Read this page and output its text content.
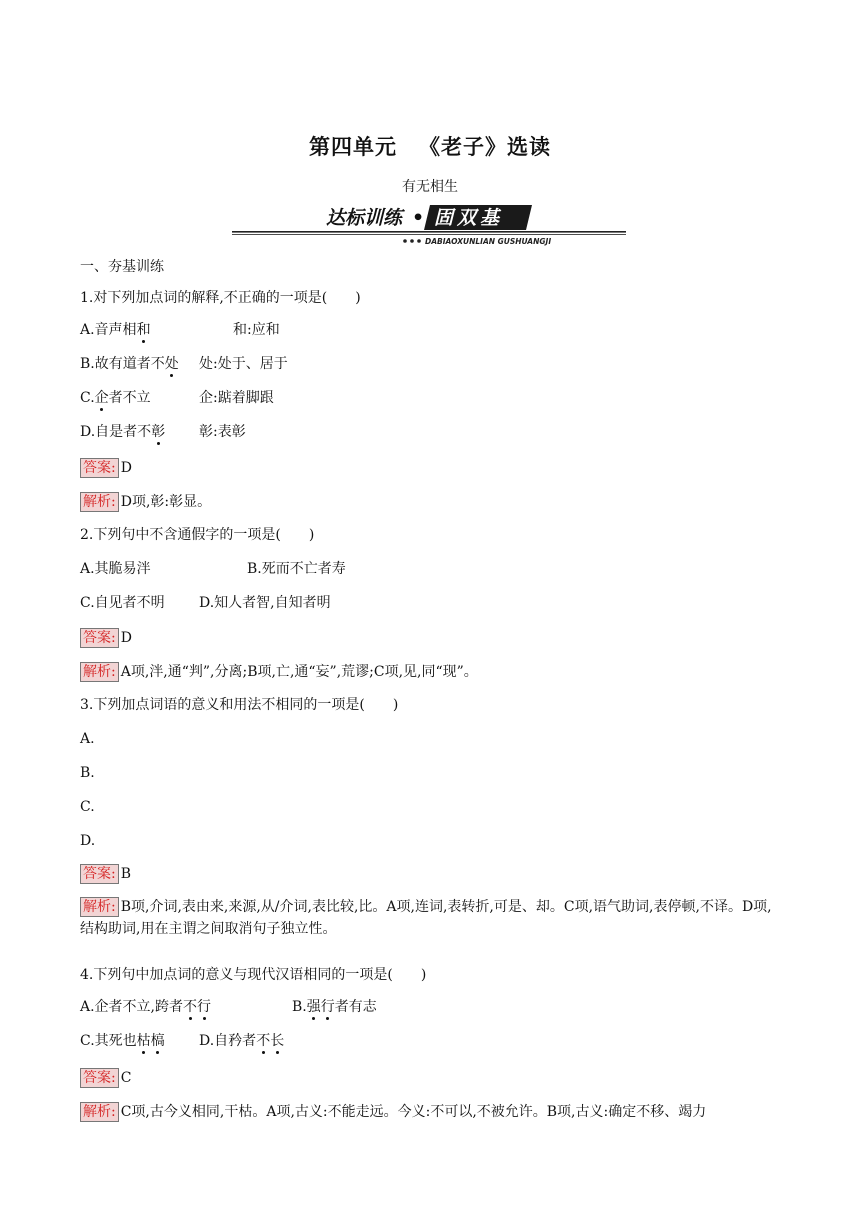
第四单元 《老子》选读
有无相生
达标训练 • 固双基
DABIAOXUNLIAN GUSHUANGJI
一、夯基训练
1.对下列加点词的解释,不正确的一项是(　　)
A.音声相和	和:应和
B.故有道者不处 处:处于、居于
C.企者不立	企:踮着脚跟
D.自是者不彰 彰:表彰
答案: D
解析: D项,彰:彰显。
2.下列句中不含通假字的一项是(　　)
A.其脆易泮	B.死而不亡者寿
C.自见者不明 D.知人者智,自知者明
答案: D
解析: A项,泮,通“判”,分离;B项,亡,通“妄”,荒谬;C项,见,同“现”。
3.下列加点词语的意义和用法不相同的一项是(　　)
A.
B.
C.
D.
答案: B
解析: B项,介词,表由来,来源,从/介词,表比较,比。A项,连词,表转折,可是、却。C项,语气助词,表停顿,不译。D项,结构助词,用在主谓之间取消句子独立性。
4.下列句中加点词的意义与现代汉语相同的一项是(　　)
A.企者不立,跨者不行	B.强行者有志
C.其死也枯槁 D.自矜者不长
答案: C
解析: C项,古今义相同,干枯。A项,古义:不能走远。今义:不可以,不被允许。B项,古义:确定不移、竭力
